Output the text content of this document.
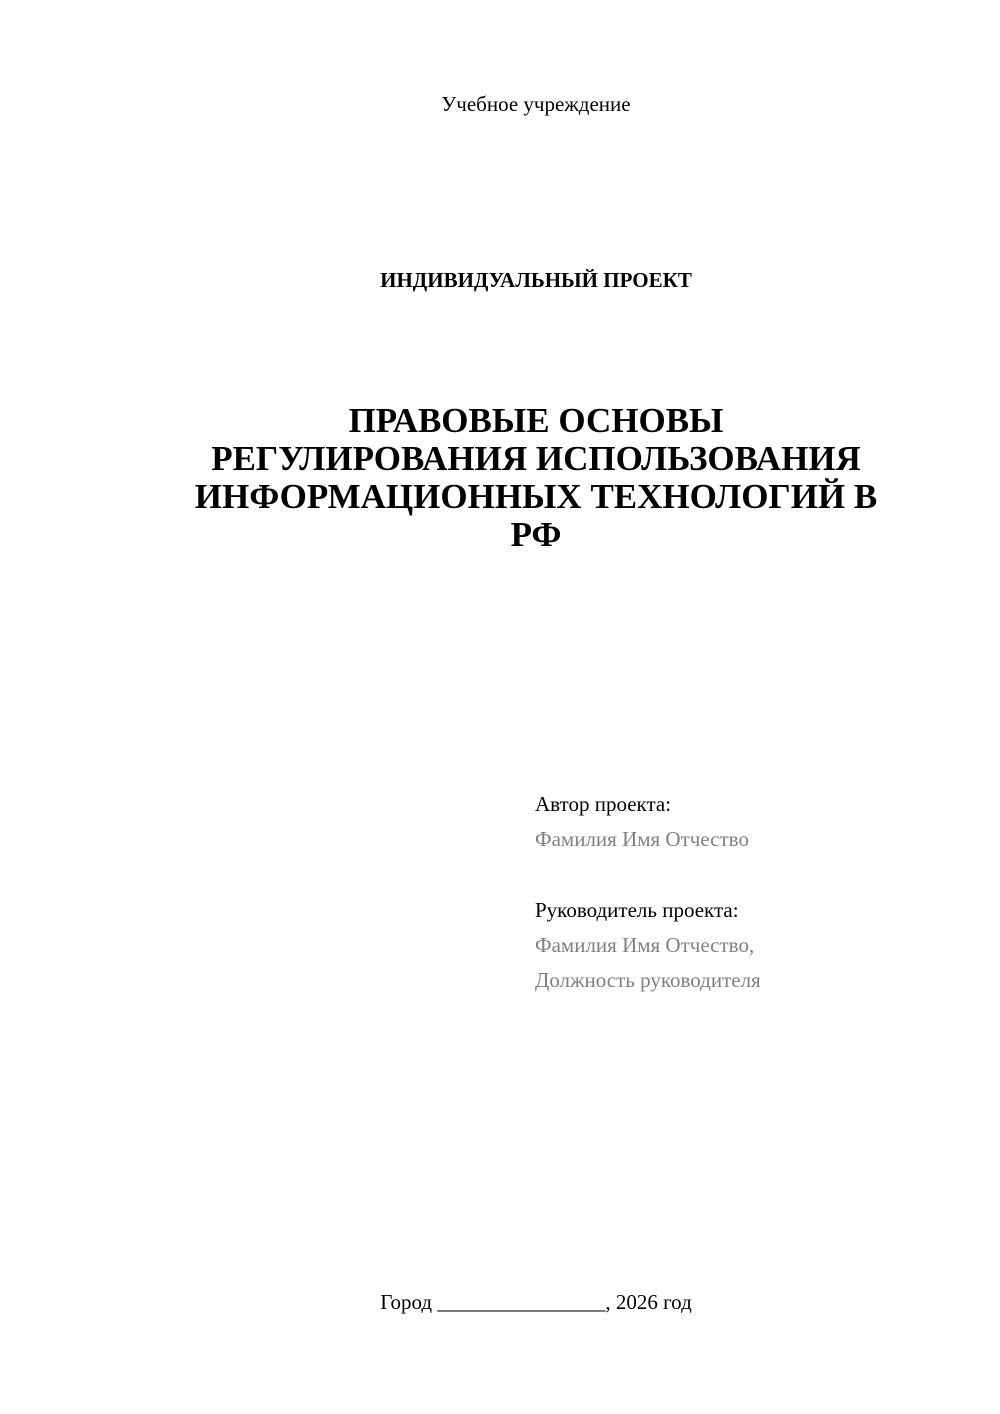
Учебное учреждение
ИНДИВИДУАЛЬНЫЙ ПРОЕКТ
ПРАВОВЫЕ ОСНОВЫ
РЕГУЛИРОВАНИЯ ИСПОЛЬЗОВАНИЯ
ИНФОРМАЦИОННЫХ ТЕХНОЛОГИЙ В
РФ
Автор проекта:
Фамилия Имя Отчество
Руководитель проекта:
Фамилия Имя Отчество,
Должность руководителя
Город ________________, 2026 год
